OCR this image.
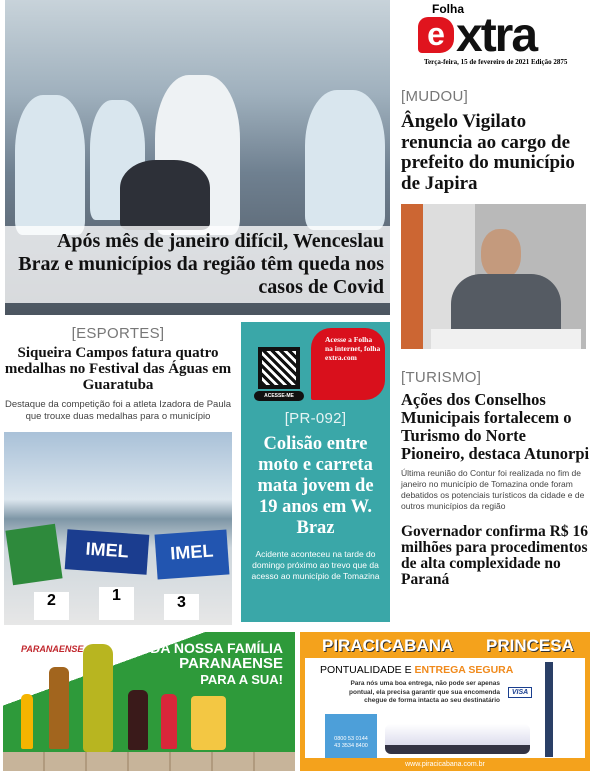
Após mês de janeiro difícil, Wenceslau Braz e municípios da região têm queda nos casos de Covid
Folha
e xtra
Terça-feira, 15 de fevereiro de 2021 Edição 2875
[MUDOU]
Ângelo Vigilato renuncia ao cargo de prefeito do município de Japira
[TURISMO]
Ações dos Conselhos Municipais fortalecem o Turismo do Norte Pioneiro, destaca Atunorpi
Última reunião do Contur foi realizada no fim de janeiro no município de Tomazina onde foram debatidos os potenciais turísticos da cidade e de outros municípios da região
Governador confirma R$ 16 milhões para procedimentos de alta complexidade no Paraná
[ESPORTES]
Siqueira Campos fatura quatro medalhas no Festival das Águas em Guaratuba
Destaque da competição foi a atleta Izadora de Paula que trouxe duas medalhas para o município
IMEL	IMEL
2	1	3
ACESSE-ME
Acesse a Folha na internet, folha extra.com
[PR-092]
Colisão entre moto e carreta mata jovem de 19 anos em W. Braz
Acidente aconteceu na tarde do domingo próximo ao trevo que da acesso ao município de Tomazina
PARANAENSE	DA NOSSA FAMÍLIA
PARANAENSE
PARA A SUA!
PIRACICABANA PRINCESA
PONTUALIDADE E ENTREGA SEGURA
Para nós uma boa entrega, não pode ser apenas pontual, ela precisa garantir que sua encomenda chegue de forma intacta ao seu destinatário
VISA
0800 53 0144
43 3534 8400
www.piracicabana.com.br
